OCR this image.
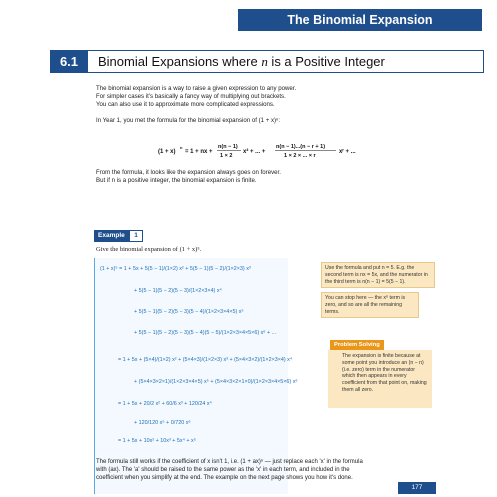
The Binomial Expansion
6.1	Binomial Expansions where n is a Positive Integer
The binomial expansion is a way to raise a given expression to any power.
For simpler cases it's basically a fancy way of multiplying out brackets.
You can also use it to approximate more complicated expressions.
In Year 1, you met the formula for the binomial expansion of (1 + x)ⁿ:
(1 + x)
n
= 1 + nx +
n(n − 1)
1 × 2
x² + ... +
n(n − 1)...(n − r + 1)
1 × 2 × ... × r
xʳ + ...
From the formula, it looks like the expansion always goes on forever.
But if n is a positive integer, the binomial expansion is finite.
Example	1
Give the binomial expansion of (1 + x)⁵.
(1 + x)⁵ = 1 + 5x + 5(5 − 1)/(1×2) x² + 5(5 − 1)(5 − 2)/(1×2×3) x³
+ 5(5 − 1)(5 − 2)(5 − 3)/(1×2×3×4) x⁴
+ 5(5 − 1)(5 − 2)(5 − 3)(5 − 4)/(1×2×3×4×5) x⁵
+ 5(5 − 1)(5 − 2)(5 − 3)(5 − 4)(5 − 5)/(1×2×3×4×5×6) x⁶ + ...
= 1 + 5x + (5×4)/(1×2) x² + (5×4×3)/(1×2×3) x³ + (5×4×3×2)/(1×2×3×4) x⁴
+ (5×4×3×2×1)/(1×2×3×4×5) x⁵ + (5×4×3×2×1×0)/(1×2×3×4×5×6) x⁶
= 1 + 5x + 20/2 x² + 60/6 x³ + 120/24 x⁴
+ 120/120 x⁵ + 0/720 x⁶
= 1 + 5x + 10x² + 10x³ + 5x⁴ + x⁵
Use the formula and put n = 5. E.g. the second term is nx = 5x, and the numerator in the third term is n(n − 1) = 5(5 − 1).
You can stop here — the x⁶ term is zero, and so are all the remaining terms.
Problem Solving
The expansion is finite because at some point you introduce an (n − n) (i.e. zero) term in the numerator which then appears in every coefficient from that point on, making them all zero.
The formula still works if the coefficient of x isn't 1, i.e. (1 + ax)ⁿ — just replace each 'x' in the formula
with (ax). The 'a' should be raised to the same power as the 'x' in each term, and included in the
coefficient when you simplify at the end. The example on the next page shows you how it's done.
177
